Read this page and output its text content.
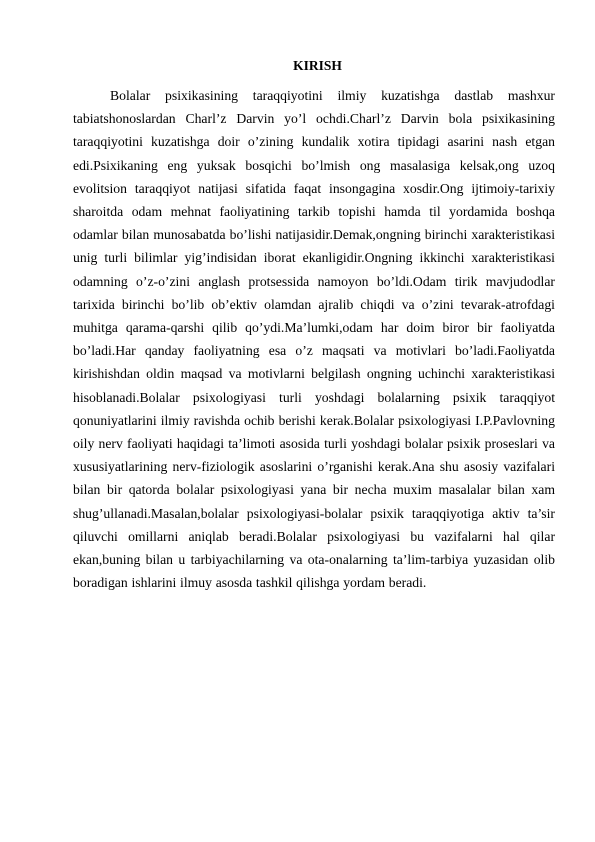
KIRISH

Bolalar psixikasining taraqqiyotini ilmiy kuzatishga dastlab mashxur tabiatshonoslardan Charl’z Darvin yo’l ochdi.Charl’z Darvin bola psixikasining taraqqiyotini kuzatishga doir o’zining kundalik xotira tipidagi asarini nash etgan edi.Psixikaning eng yuksak bosqichi bo’lmish ong masalasiga kelsak,ong uzoq evolitsion taraqqiyot natijasi sifatida faqat insongagina xosdir.Ong ijtimoiy-tarixiy sharoitda odam mehnat faoliyatining tarkib topishi hamda til yordamida boshqa odamlar bilan munosabatda bo’lishi natijasidir.Demak,ongning birinchi xarakteristikasi unig turli bilimlar yig’indisidan iborat ekanligidir.Ongning ikkinchi xarakteristikasi odamning o’z-o’zini anglash protsessida namoyon bo’ldi.Odam tirik mavjudodlar tarixida birinchi bo’lib ob’ektiv olamdan ajralib chiqdi va o’zini tevarak-atrofdagi muhitga qarama-qarshi qilib qo’ydi.Ma’lumki,odam har doim biror bir faoliyatda bo’ladi.Har qanday faoliyatning esa o’z maqsati va motivlari bo’ladi.Faoliyatda kirishishdan oldin maqsad va motivlarni belgilash ongning uchinchi xarakteristikasi hisoblanadi.Bolalar psixologiyasi turli yoshdagi bolalarning psixik taraqqiyot qonuniyatlarini ilmiy ravishda ochib berishi kerak.Bolalar psixologiyasi I.P.Pavlovning oily nerv faoliyati haqidagi ta’limoti asosida turli yoshdagi bolalar psixik proseslari va xususiyatlarining nerv-fiziologik asoslarini o’rganishi kerak.Ana shu asosiy vazifalari bilan bir qatorda bolalar psixologiyasi yana bir necha muxim masalalar bilan xam shug’ullanadi.Masalan,bolalar psixologiyasi-bolalar psixik taraqqiyotiga aktiv ta’sir qiluvchi omillarni aniqlab beradi.Bolalar psixologiyasi bu vazifalarni hal qilar ekan,buning bilan u tarbiyachilarning va ota-onalarning ta’lim-tarbiya yuzasidan olib boradigan ishlarini ilmuy asosda tashkil qilishga yordam beradi.
